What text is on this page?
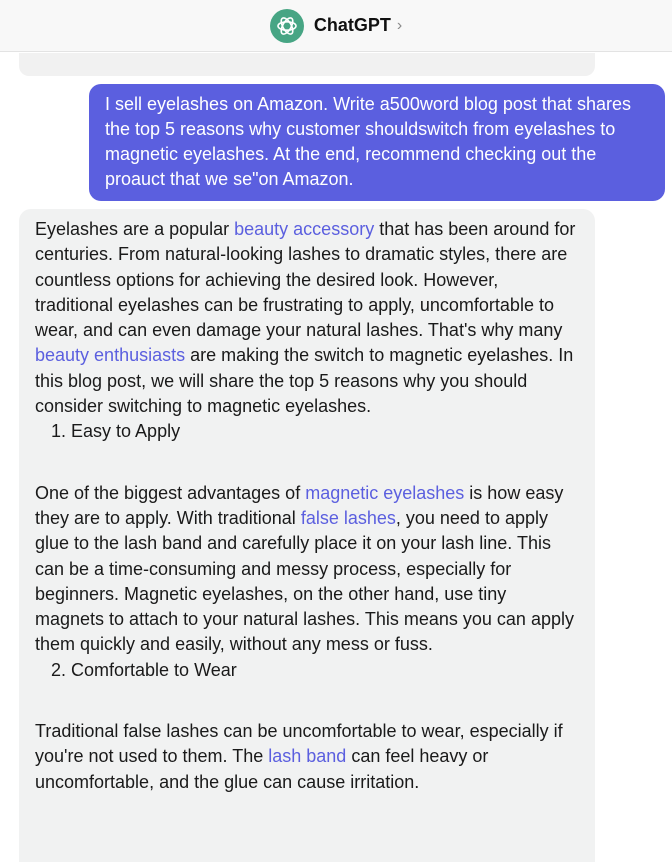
ChatGPT ›
I sell eyelashes on Amazon. Write a500word blog post that shares the top 5 reasons why customer shouldswitch from eyelashes to magnetic eyelashes. At the end, recommend checking out the proauct that we se"on Amazon.

Eyelashes are a popular beauty accessory that has been around for centuries. From natural-looking lashes to dramatic styles, there are countless options for achieving the desired look. However, traditional eyelashes can be frustrating to apply, uncomfortable to wear, and can even damage your natural lashes. That's why many beauty enthusiasts are making the switch to magnetic eyelashes. In this blog post, we will share the top 5 reasons why you should consider switching to magnetic eyelashes.

1. Easy to Apply

One of the biggest advantages of magnetic eyelashes is how easy they are to apply. With traditional false lashes, you need to apply glue to the lash band and carefully place it on your lash line. This can be a time-consuming and messy process, especially for beginners. Magnetic eyelashes, on the other hand, use tiny magnets to attach to your natural lashes. This means you can apply them quickly and easily, without any mess or fuss.

2. Comfortable to Wear

Traditional false lashes can be uncomfortable to wear, especially if you're not used to them. The lash band can feel heavy or uncomfortable, and the glue can cause irritation.
